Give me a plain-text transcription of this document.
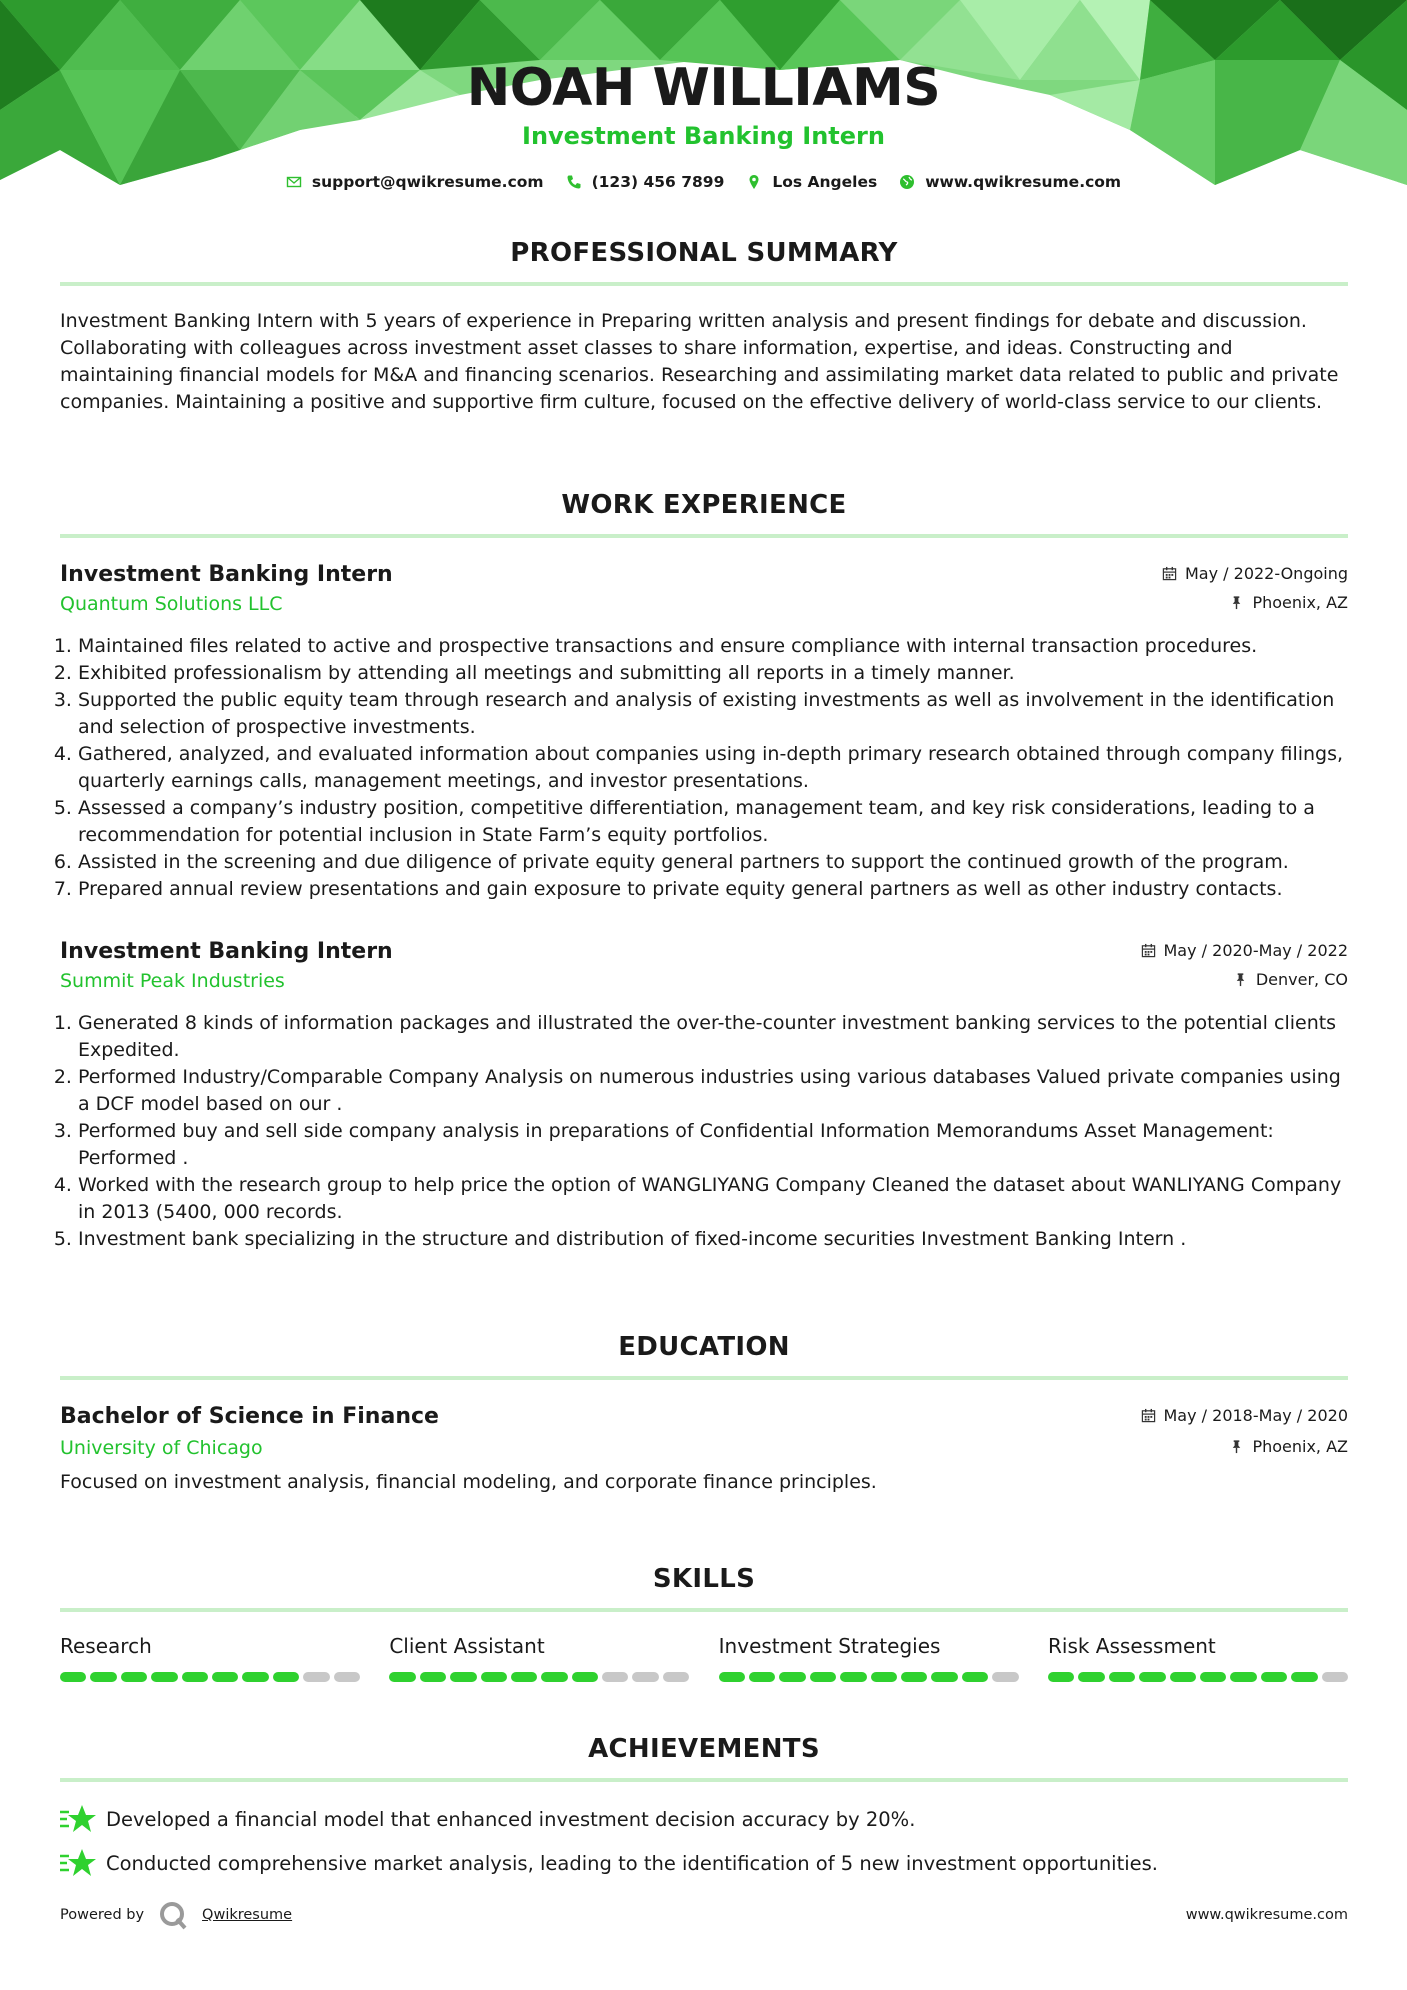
NOAH WILLIAMS
Investment Banking Intern
support@qwikresume.com	(123) 456 7899	Los Angeles	www.qwikresume.com
PROFESSIONAL SUMMARY

Investment Banking Intern with 5 years of experience in Preparing written analysis and present findings for debate and discussion. Collaborating with colleagues across investment asset classes to share information, expertise, and ideas. Constructing and maintaining financial models for M&A and financing scenarios. Researching and assimilating market data related to public and private companies. Maintaining a positive and supportive firm culture, focused on the effective delivery of world-class service to our clients.

WORK EXPERIENCE
Investment Banking Intern	May / 2022-Ongoing
Quantum Solutions LLC	Phoenix, AZ
1. Maintained files related to active and prospective transactions and ensure compliance with internal transaction procedures.
2. Exhibited professionalism by attending all meetings and submitting all reports in a timely manner.
3. Supported the public equity team through research and analysis of existing investments as well as involvement in the identification and selection of prospective investments.
4. Gathered, analyzed, and evaluated information about companies using in-depth primary research obtained through company filings, quarterly earnings calls, management meetings, and investor presentations.
5. Assessed a company’s industry position, competitive differentiation, management team, and key risk considerations, leading to a recommendation for potential inclusion in State Farm’s equity portfolios.
6. Assisted in the screening and due diligence of private equity general partners to support the continued growth of the program.
7. Prepared annual review presentations and gain exposure to private equity general partners as well as other industry contacts.
Investment Banking Intern	May / 2020-May / 2022
Summit Peak Industries	Denver, CO
1. Generated 8 kinds of information packages and illustrated the over-the-counter investment banking services to the potential clients Expedited.
2. Performed Industry/Comparable Company Analysis on numerous industries using various databases Valued private companies using a DCF model based on our .
3. Performed buy and sell side company analysis in preparations of Confidential Information Memorandums Asset Management: Performed .
4. Worked with the research group to help price the option of WANGLIYANG Company Cleaned the dataset about WANLIYANG Company in 2013 (5400, 000 records.
5. Investment bank specializing in the structure and distribution of fixed-income securities Investment Banking Intern .
EDUCATION
Bachelor of Science in Finance	May / 2018-May / 2020
University of Chicago	Phoenix, AZ

Focused on investment analysis, financial modeling, and corporate finance principles.

SKILLS
Research	Client Assistant	Investment Strategies	Risk Assessment
ACHIEVEMENTS
Developed a financial model that enhanced investment decision accuracy by 20%.
Conducted comprehensive market analysis, leading to the identification of 5 new investment opportunities.
Powered by	Qwikresume	www.qwikresume.com
